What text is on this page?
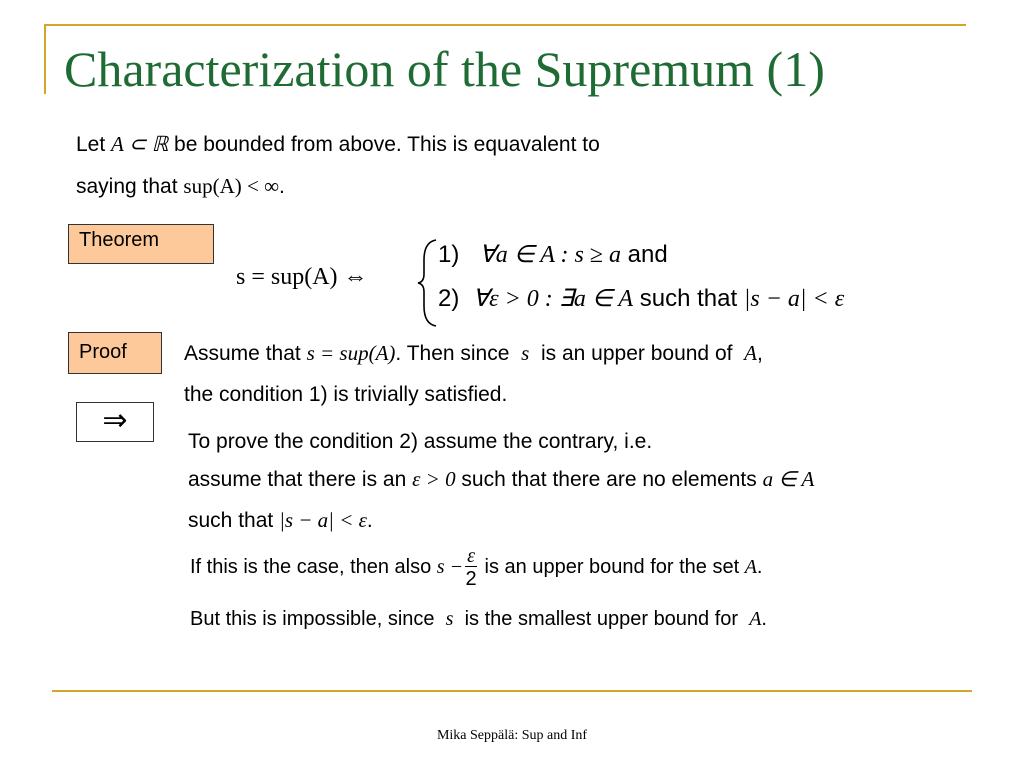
Characterization of the Supremum (1)
Let A ⊂ ℝ be bounded from above. This is equavalent to
saying that sup(A) < ∞.
Theorem
s = sup(A) ⇔
1) ∀a ∈ A : s ≥ a and
2) ∀ε > 0 : ∃a ∈ A such that |s − a| < ε
Proof
⇒
Assume that s = sup(A). Then since  s  is an upper bound of  A,
the condition 1) is trivially satisfied.
To prove the condition 2) assume the contrary, i.e.
assume that there is an ε > 0 such that there are no elements a ∈ A
such that |s − a| < ε.
If this is the case, then also $s - \frac{\varepsilon}{2}$ is an upper bound for the set A.
But this is impossible, since  s  is the smallest upper bound for  A.
Mika Seppälä: Sup and Inf
